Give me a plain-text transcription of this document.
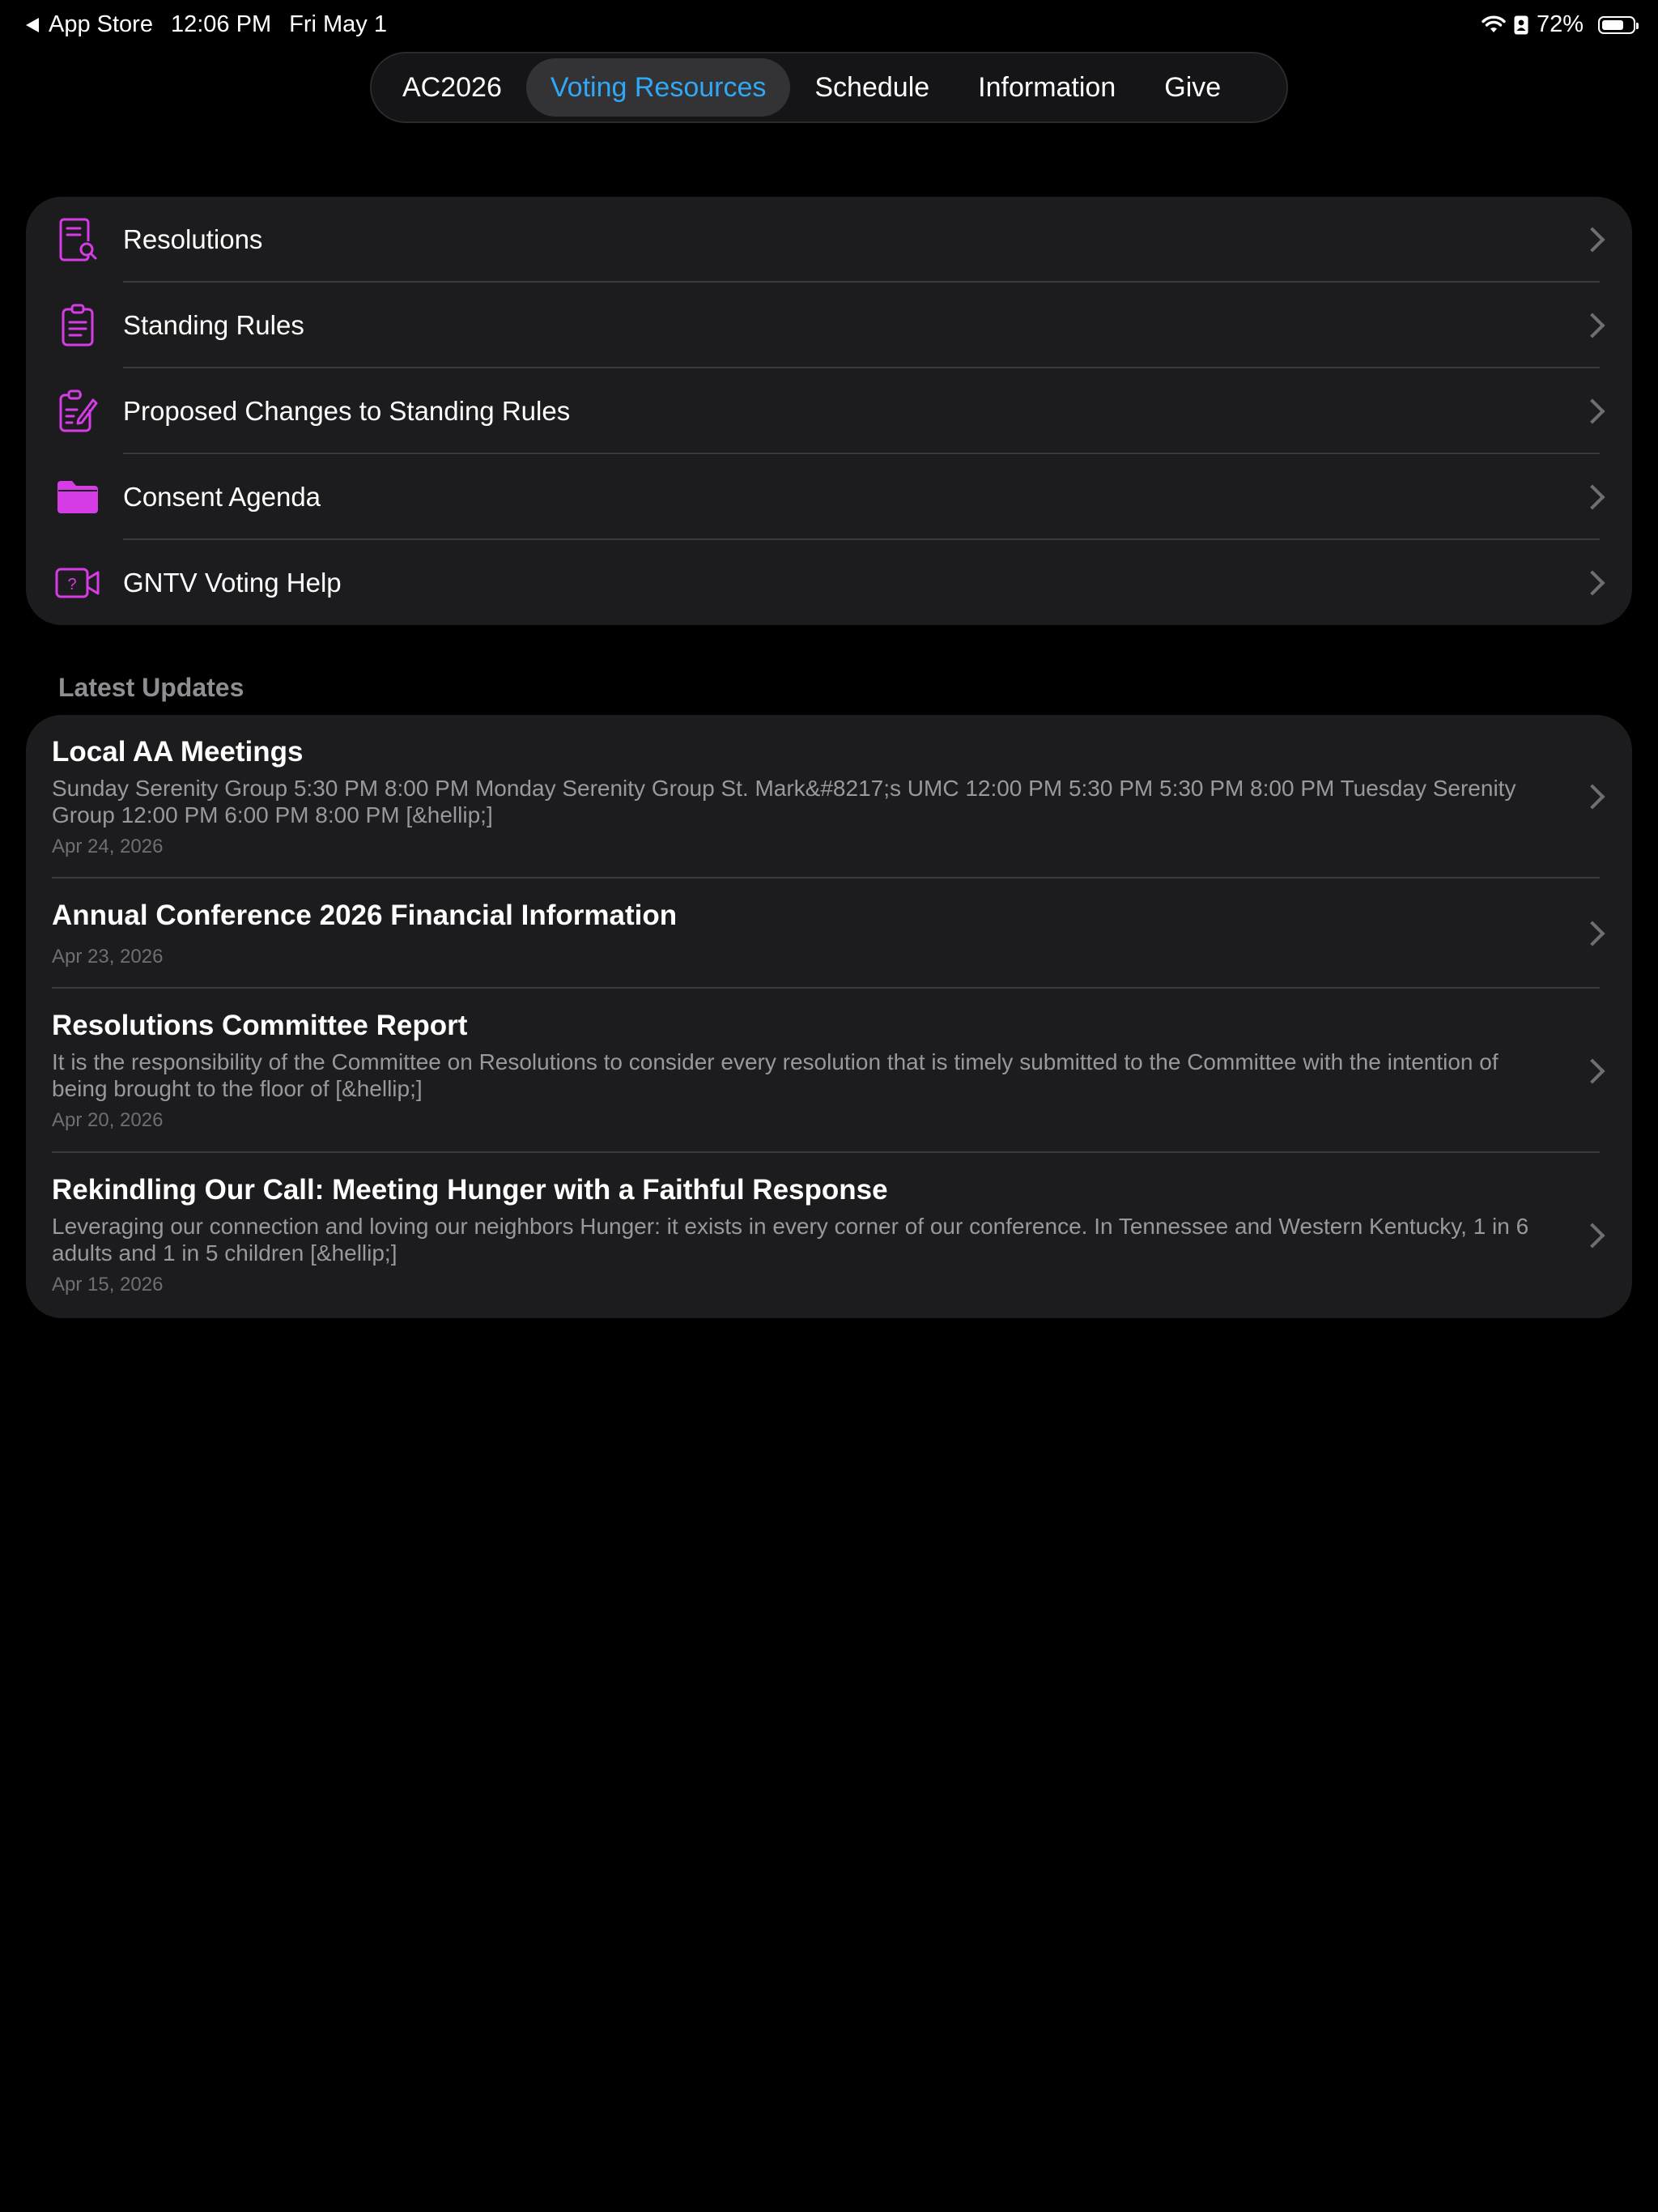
App Store 12:06 PM Fri May 1	72%
AC2026	Voting Resources	Schedule	Information	Give
Resolutions
Standing Rules
Proposed Changes to Standing Rules
Consent Agenda
? GNTV Voting Help
Latest Updates
Local AA Meetings
Sunday Serenity Group 5:30 PM 8:00 PM Monday Serenity Group St. Mark&#8217;s UMC 12:00 PM 5:30 PM 5:30 PM 8:00 PM Tuesday Serenity Group 12:00 PM 6:00 PM 8:00 PM [&hellip;]
Apr 24, 2026
Annual Conference 2026 Financial Information
Apr 23, 2026
Resolutions Committee Report
It is the responsibility of the Committee on Resolutions to consider every resolution that is timely submitted to the Committee with the intention of being brought to the floor of [&hellip;]
Apr 20, 2026
Rekindling Our Call: Meeting Hunger with a Faithful Response
Leveraging our connection and loving our neighbors Hunger: it exists in every corner of our conference. In Tennessee and Western Kentucky, 1 in 6 adults and 1 in 5 children [&hellip;]
Apr 15, 2026
